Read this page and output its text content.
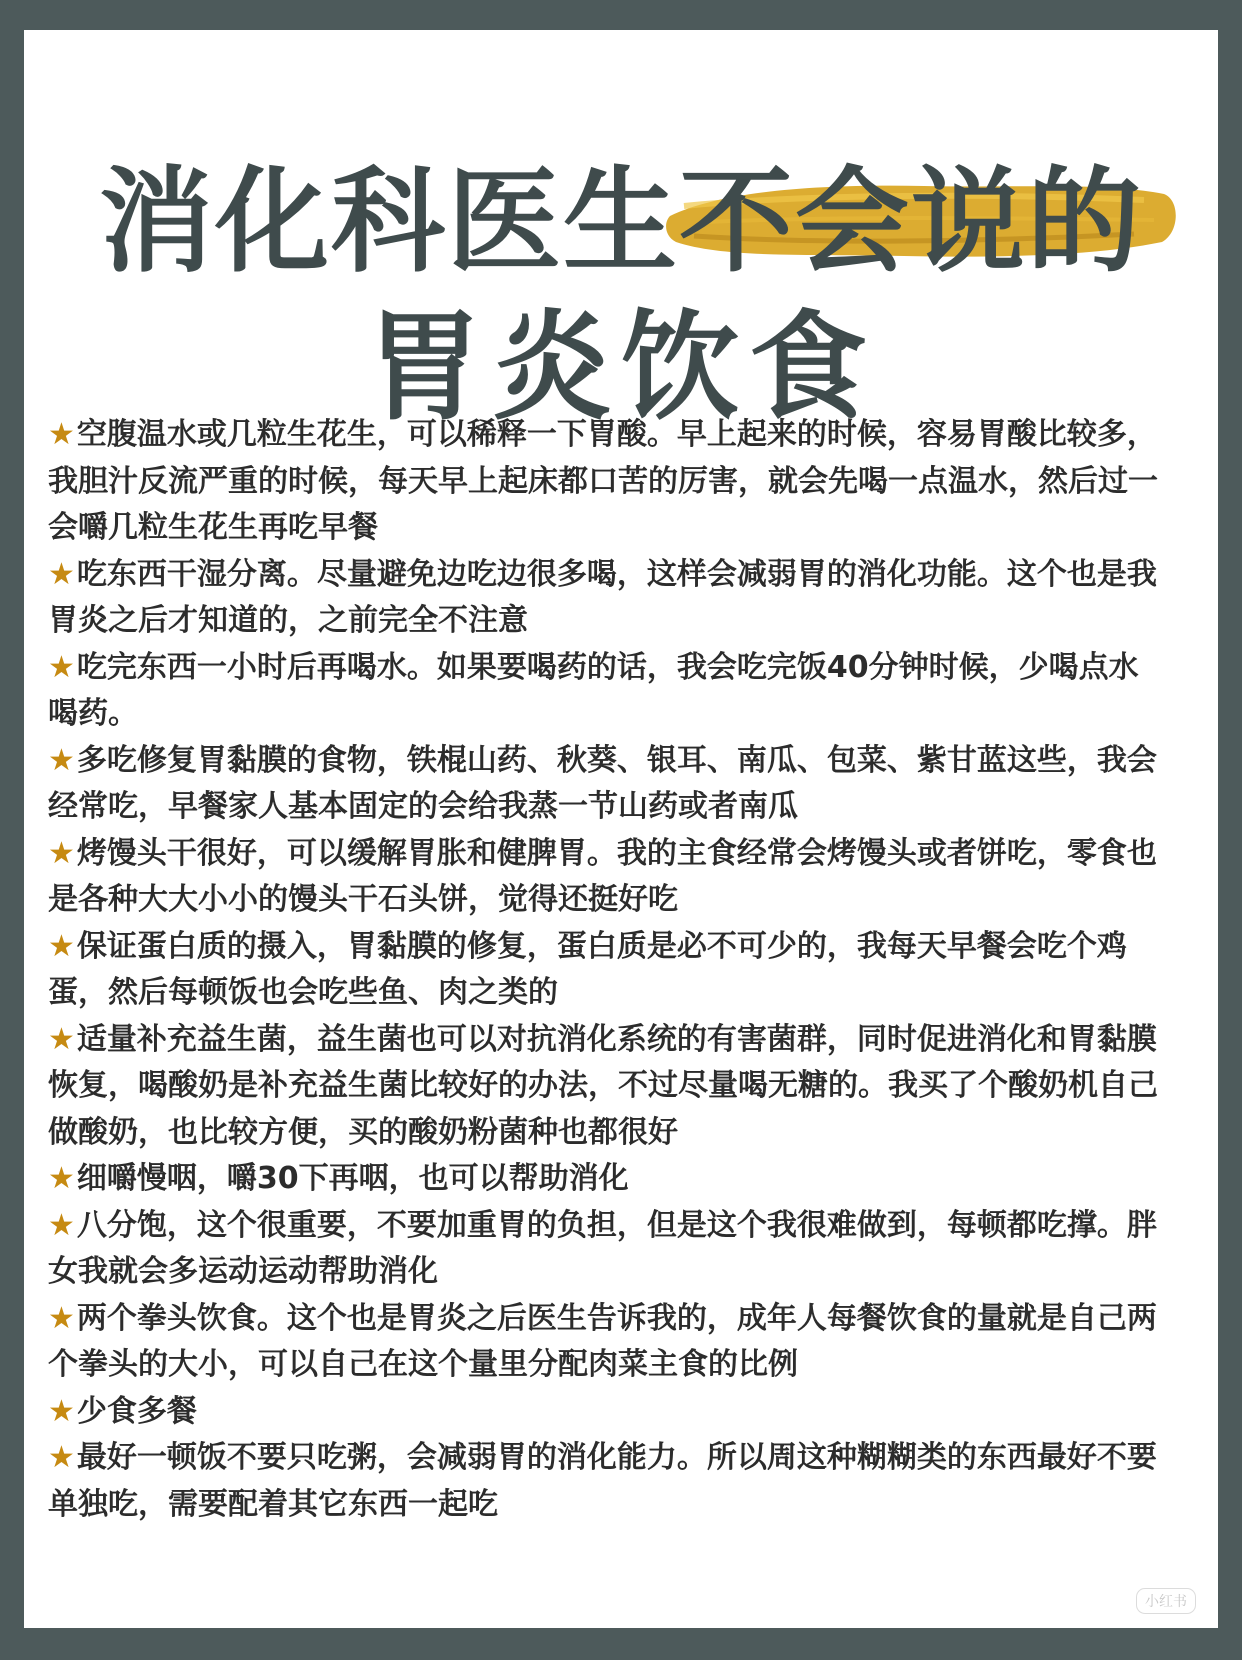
消化科医生不会说的
胃炎饮食

★空腹温水或几粒生花生，可以稀释一下胃酸。早上起来的时候，容易胃酸比较多，我胆汁反流严重的时候，每天早上起床都口苦的厉害，就会先喝一点温水，然后过一会嚼几粒生花生再吃早餐

★吃东西干湿分离。尽量避免边吃边很多喝，这样会减弱胃的消化功能。这个也是我胃炎之后才知道的，之前完全不注意

★吃完东西一小时后再喝水。如果要喝药的话，我会吃完饭40分钟时候，少喝点水喝药。

★多吃修复胃黏膜的食物，铁棍山药、秋葵、银耳、南瓜、包菜、紫甘蓝这些，我会经常吃，早餐家人基本固定的会给我蒸一节山药或者南瓜

★烤馒头干很好，可以缓解胃胀和健脾胃。我的主食经常会烤馒头或者饼吃，零食也是各种大大小小的馒头干石头饼，觉得还挺好吃

★保证蛋白质的摄入，胃黏膜的修复，蛋白质是必不可少的，我每天早餐会吃个鸡蛋，然后每顿饭也会吃些鱼、肉之类的

★适量补充益生菌，益生菌也可以对抗消化系统的有害菌群，同时促进消化和胃黏膜恢复，喝酸奶是补充益生菌比较好的办法，不过尽量喝无糖的。我买了个酸奶机自己做酸奶，也比较方便，买的酸奶粉菌种也都很好

★细嚼慢咽，嚼30下再咽，也可以帮助消化

★八分饱，这个很重要，不要加重胃的负担，但是这个我很难做到，每顿都吃撑。胖女我就会多运动运动帮助消化

★两个拳头饮食。这个也是胃炎之后医生告诉我的，成年人每餐饮食的量就是自己两个拳头的大小，可以自己在这个量里分配肉菜主食的比例

★少食多餐

★最好一顿饭不要只吃粥，会减弱胃的消化能力。所以周这种糊糊类的东西最好不要单独吃，需要配着其它东西一起吃

小红书
